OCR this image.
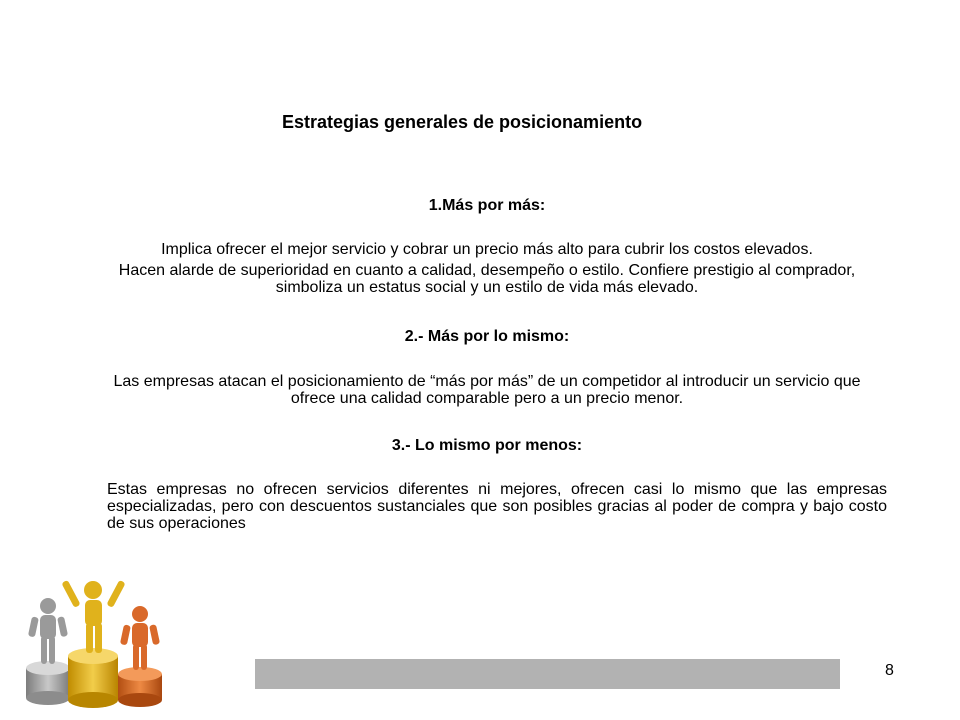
Estrategias generales de posicionamiento
1.Más por más:

Implica ofrecer el mejor servicio y cobrar un precio más alto para cubrir los costos elevados.

Hacen alarde de superioridad en cuanto a calidad, desempeño o estilo. Confiere prestigio al comprador, simboliza un estatus social y un estilo de vida más elevado.

2.- Más por lo mismo:

Las empresas atacan el posicionamiento de “más por más” de un competidor al introducir un servicio que ofrece una calidad comparable pero a un precio menor.

3.- Lo mismo por menos:

Estas empresas no ofrecen servicios diferentes ni mejores, ofrecen casi lo mismo que las empresas especializadas, pero con descuentos sustanciales que son posibles gracias al poder de compra y bajo costo de sus operaciones

8
